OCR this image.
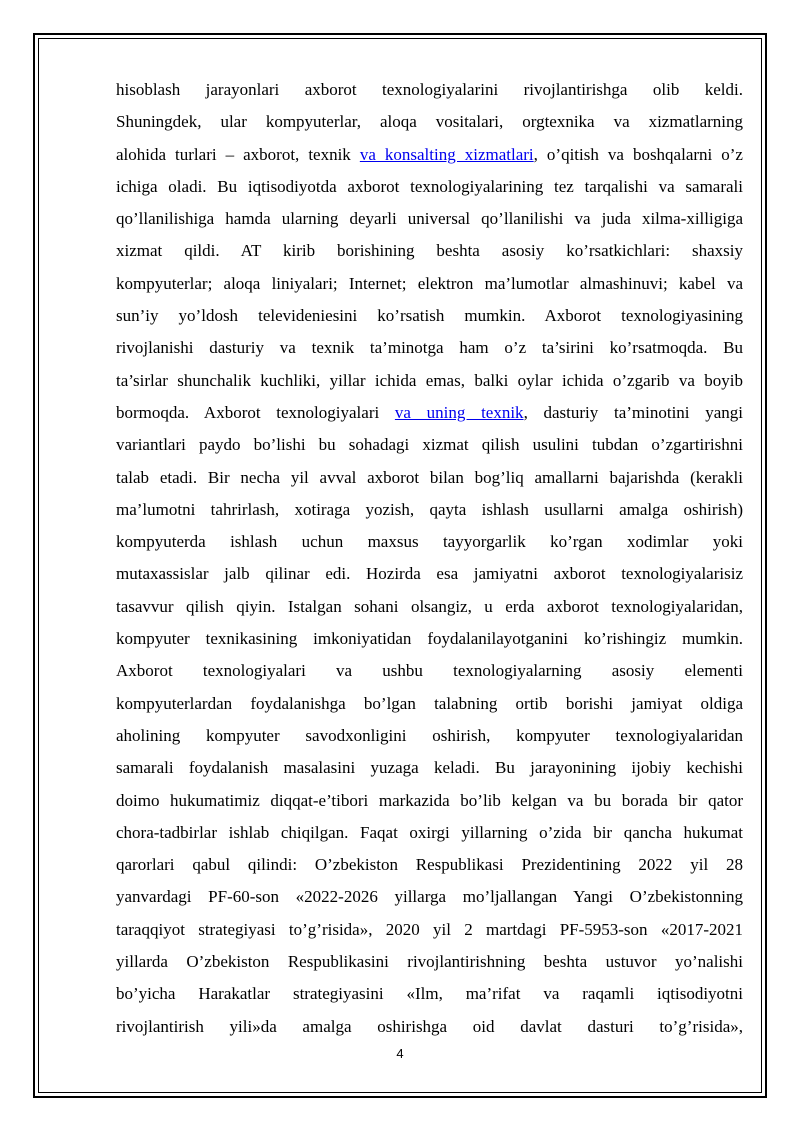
hisoblash jarayonlari axborot texnologiyalarini rivojlantirishga olib keldi.
Shuningdek, ular kompyuterlar, aloqa vositalari, orgtexnika va xizmatlarning
alohida turlari – axborot, texnik va konsalting xizmatlari, o’qitish va boshqalarni o’z
ichiga oladi. Bu iqtisodiyotda axborot texnologiyalarining tez tarqalishi va samarali
qo’llanilishiga hamda ularning deyarli universal qo’llanilishi va juda xilma-xilligiga
xizmat qildi. AT kirib borishining beshta asosiy ko’rsatkichlari: shaxsiy
kompyuterlar; aloqa liniyalari; Internet; elektron ma’lumotlar almashinuvi; kabel va
sun’iy yo’ldosh televideniesini ko’rsatish mumkin. Axborot texnologiyasining
rivojlanishi dasturiy va texnik ta’minotga ham o’z ta’sirini ko’rsatmoqda. Bu
ta’sirlar shunchalik kuchliki, yillar ichida emas, balki oylar ichida o’zgarib va boyib
bormoqda. Axborot texnologiyalari va uning texnik, dasturiy ta’minotini yangi
variantlari paydo bo’lishi bu sohadagi xizmat qilish usulini tubdan o’zgartirishni
talab etadi. Bir necha yil avval axborot bilan bog’liq amallarni bajarishda (kerakli
ma’lumotni tahrirlash, xotiraga yozish, qayta ishlash usullarni amalga oshirish)
kompyuterda ishlash uchun maxsus tayyorgarlik ko’rgan xodimlar yoki
mutaxassislar jalb qilinar edi. Hozirda esa jamiyatni axborot texnologiyalarisiz
tasavvur qilish qiyin. Istalgan sohani olsangiz, u erda axborot texnologiyalaridan,
kompyuter texnikasining imkoniyatidan foydalanilayotganini ko’rishingiz mumkin.
Axborot texnologiyalari va ushbu texnologiyalarning asosiy elementi
kompyuterlardan foydalanishga bo’lgan talabning ortib borishi jamiyat oldiga
aholining kompyuter savodxonligini oshirish, kompyuter texnologiyalaridan
samarali foydalanish masalasini yuzaga keladi. Bu jarayonining ijobiy kechishi
doimo hukumatimiz diqqat-e’tibori markazida bo’lib kelgan va bu borada bir qator
chora-tadbirlar ishlab chiqilgan. Faqat oxirgi yillarning o’zida bir qancha hukumat
qarorlari qabul qilindi: O’zbekiston Respublikasi Prezidentining 2022 yil 28
yanvardagi PF-60-son «2022-2026 yillarga mo’ljallangan Yangi O’zbekistonning
taraqqiyot strategiyasi to’g’risida», 2020 yil 2 martdagi PF-5953-son «2017-2021
yillarda O’zbekiston Respublikasini rivojlantirishning beshta ustuvor yo’nalishi
bo’yicha Harakatlar strategiyasini «Ilm, ma’rifat va raqamli iqtisodiyotni
rivojlantirish yili»da amalga oshirishga oid davlat dasturi to’g’risida»,
4
